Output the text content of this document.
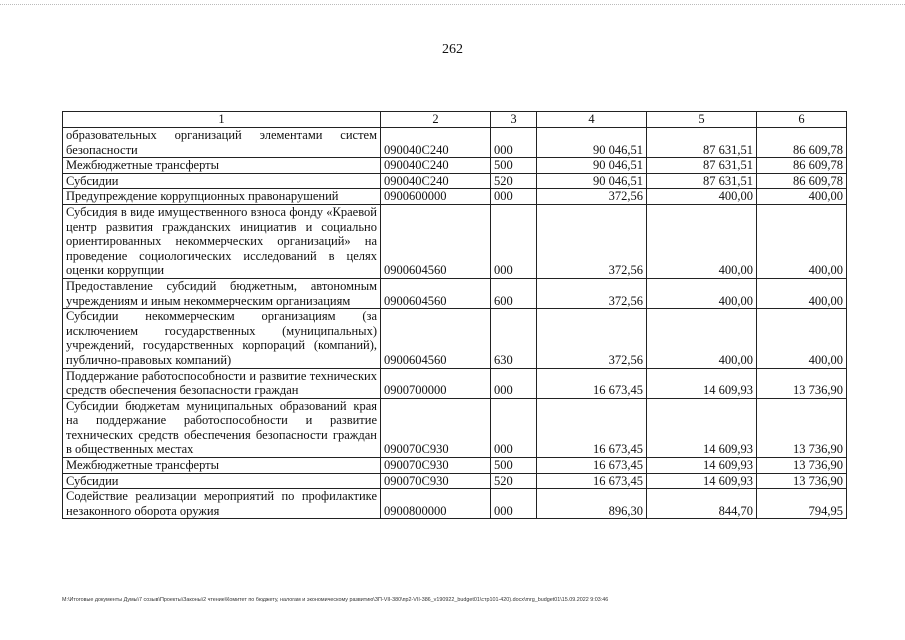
262
1	2	3	4	5	6
образовательных организаций элементами систем безопасности	090040С240	000	90 046,51	87 631,51	86 609,78
Межбюджетные трансферты	090040С240	500	90 046,51	87 631,51	86 609,78
Субсидии	090040С240	520	90 046,51	87 631,51	86 609,78
Предупреждение коррупционных правонарушений	0900600000	000	372,56	400,00	400,00
Субсидия в виде имущественного взноса фонду «Краевой центр развития гражданских инициатив и социально ориентированных некоммерческих организаций» на проведение социологических исследований в целях оценки коррупции	0900604560	000	372,56	400,00	400,00
Предоставление субсидий бюджетным, автономным учреждениям и иным некоммерческим организациям	0900604560	600	372,56	400,00	400,00
Субсидии некоммерческим организациям (за исключением государственных (муниципальных) учреждений, государственных корпораций (компаний), публично-правовых компаний)	0900604560	630	372,56	400,00	400,00
Поддержание работоспособности и развитие технических средств обеспечения безопасности граждан	0900700000	000	16 673,45	14 609,93	13 736,90
Субсидии бюджетам муниципальных образований края на поддержание работоспособности и развитие технических средств обеспечения безопасности граждан в общественных местах	090070С930	000	16 673,45	14 609,93	13 736,90
Межбюджетные трансферты	090070С930	500	16 673,45	14 609,93	13 736,90
Субсидии	090070С930	520	16 673,45	14 609,93	13 736,90
Содействие реализации мероприятий по профилактике незаконного оборота оружия	0900800000	000	896,30	844,70	794,95
M:\Итоговые документы Думы\7 созыв\Проекты\Законы\2 чтение\Комитет по бюджету, налогам и экономическому развитию\ЗП-VII-380\пр2-VII-386_v190922_budget01\стр101-420).docx\mrg_budget01\15.09.2022 9:03:46
